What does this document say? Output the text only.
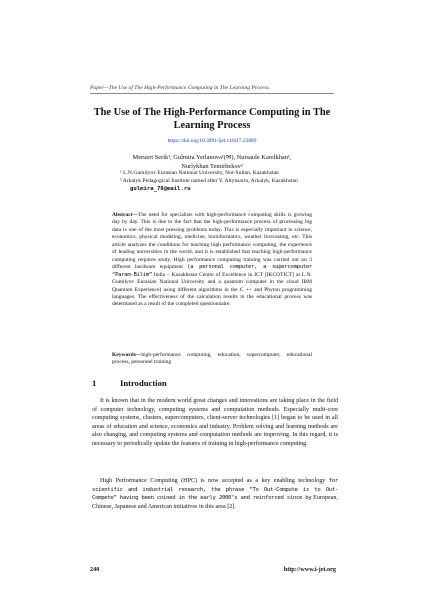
Paper—The Use of The High-Performance Computing in The Learning Process
The Use of The High-Performance Computing in The Learning Process
https://doi.org/10.3991/ijet.v16i17.22889
Meruert Serik¹, Gulmira Yerlanova¹(✉), Nursaule Karelkhan¹,
Nurlykhan Temirbekov²
¹ L.N.Gumilyov Eurasian National University, Nur-Sultan, Kazakhstan
² Arkalyk Pedagogical Institute named after Y. Altynsarin, Arkalyk, Kazakhstan
gulmira_78@mail.ru
Abstract—The need for specialists with high-performance computing skills is growing day by day. This is due to the fact that the high-performance process of processing big data is one of the most pressing problems today. This is especially important in science, economics, physical modeling, medicine, bioinformatics, weather forecasting, etc. This article analyzes the conditions for teaching high performance computing, the experience of leading universities in the world, and it is established that teaching high-performance computing requires study. High performance computing training was carried out on 3 different hardware equipment (a personal computer, a supercomputer “Param-Bilim” India – Kazakhstan Centre of Excellence in ICT [IKCOTICT] at L.N. Gumilyov Eurasian National University and a quantum computer in the cloud IBM Quantum Experience) using different algorithms in the C ++ and Phyton programming languages. The effectiveness of the calculation results in the educational process was determined as a result of the completed questionnaire.
Keywords—high-performance computing, education, supercomputer, educational process, personnel training
1	Introduction
It is known that in the modern world great changes and innovations are taking place in the field of computer technology, computing systems and computation methods. Especially multi-core computing systems, clusters, supercomputers, client-server technologies [1] began to be used in all areas of education and science, economics and industry. Problem solving and learning methods are also changing, and computing systems and computation methods are improving. In this regard, it is necessary to periodically update the features of training in high-performance computing.
High Performance Computing (HPC) is now accepted as a key enabling technology for scientific and industrial research, the phrase “To Out-Compute is to Out-Compete” having been coined in the early 2000’s and reinforced since by European, Chinese, Japanese and American initiatives in this area [2].
240	http://www.i-jet.org
